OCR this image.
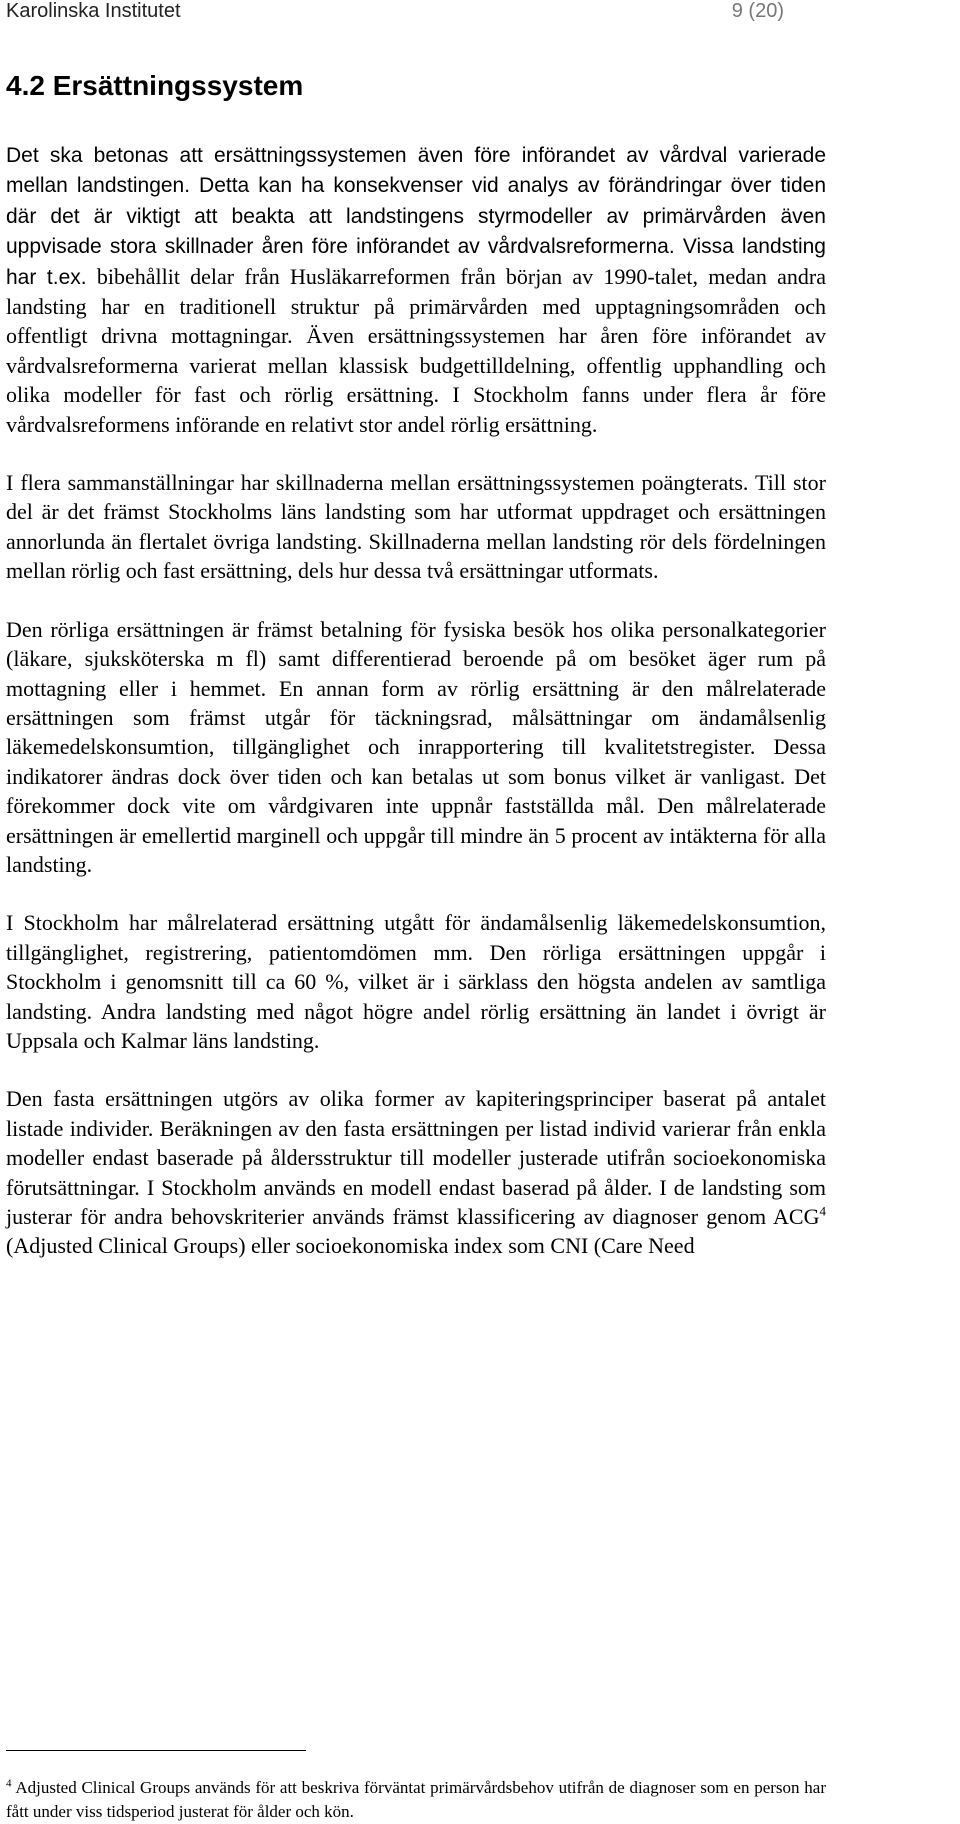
Karolinska Institutet	9 (20)
4.2 Ersättningssystem

Det ska betonas att ersättningssystemen även före införandet av vårdval varierade mellan landstingen. Detta kan ha konsekvenser vid analys av förändringar över tiden där det är viktigt att beakta att landstingens styrmodeller av primärvården även uppvisade stora skillnader åren före införandet av vårdvalsreformerna. Vissa landsting har t.ex. bibehållit delar från Husläkarreformen från början av 1990-talet, medan andra landsting har en traditionell struktur på primärvården med upptagningsområden och offentligt drivna mottagningar. Även ersättningssystemen har åren före införandet av vårdvalsreformerna varierat mellan klassisk budgettilldelning, offentlig upphandling och olika modeller för fast och rörlig ersättning. I Stockholm fanns under flera år före vårdvalsreformens införande en relativt stor andel rörlig ersättning.

I flera sammanställningar har skillnaderna mellan ersättningssystemen poängterats. Till stor del är det främst Stockholms läns landsting som har utformat uppdraget och ersättningen annorlunda än flertalet övriga landsting. Skillnaderna mellan landsting rör dels fördelningen mellan rörlig och fast ersättning, dels hur dessa två ersättningar utformats.

Den rörliga ersättningen är främst betalning för fysiska besök hos olika personalkategorier (läkare, sjuksköterska m fl) samt differentierad beroende på om besöket äger rum på mottagning eller i hemmet. En annan form av rörlig ersättning är den målrelaterade ersättningen som främst utgår för täckningsrad, målsättningar om ändamålsenlig läkemedelskonsumtion, tillgänglighet och inrapportering till kvalitetstregister. Dessa indikatorer ändras dock över tiden och kan betalas ut som bonus vilket är vanligast. Det förekommer dock vite om vårdgivaren inte uppnår fastställda mål. Den målrelaterade ersättningen är emellertid marginell och uppgår till mindre än 5 procent av intäkterna för alla landsting.

I Stockholm har målrelaterad ersättning utgått för ändamålsenlig läkemedelskonsumtion, tillgänglighet, registrering, patientomdömen mm. Den rörliga ersättningen uppgår i Stockholm i genomsnitt till ca 60 %, vilket är i särklass den högsta andelen av samtliga landsting. Andra landsting med något högre andel rörlig ersättning än landet i övrigt är Uppsala och Kalmar läns landsting.

Den fasta ersättningen utgörs av olika former av kapiteringsprinciper baserat på antalet listade individer. Beräkningen av den fasta ersättningen per listad individ varierar från enkla modeller endast baserade på åldersstruktur till modeller justerade utifrån socioekonomiska förutsättningar. I Stockholm används en modell endast baserad på ålder. I de landsting som justerar för andra behovskriterier används främst klassificering av diagnoser genom ACG$^4$ (Adjusted Clinical Groups) eller socioekonomiska index som CNI (Care Need

$^4$ Adjusted Clinical Groups används för att beskriva förväntat primärvårdsbehov utifrån de diagnoser som en person har fått under viss tidsperiod justerat för ålder och kön.
